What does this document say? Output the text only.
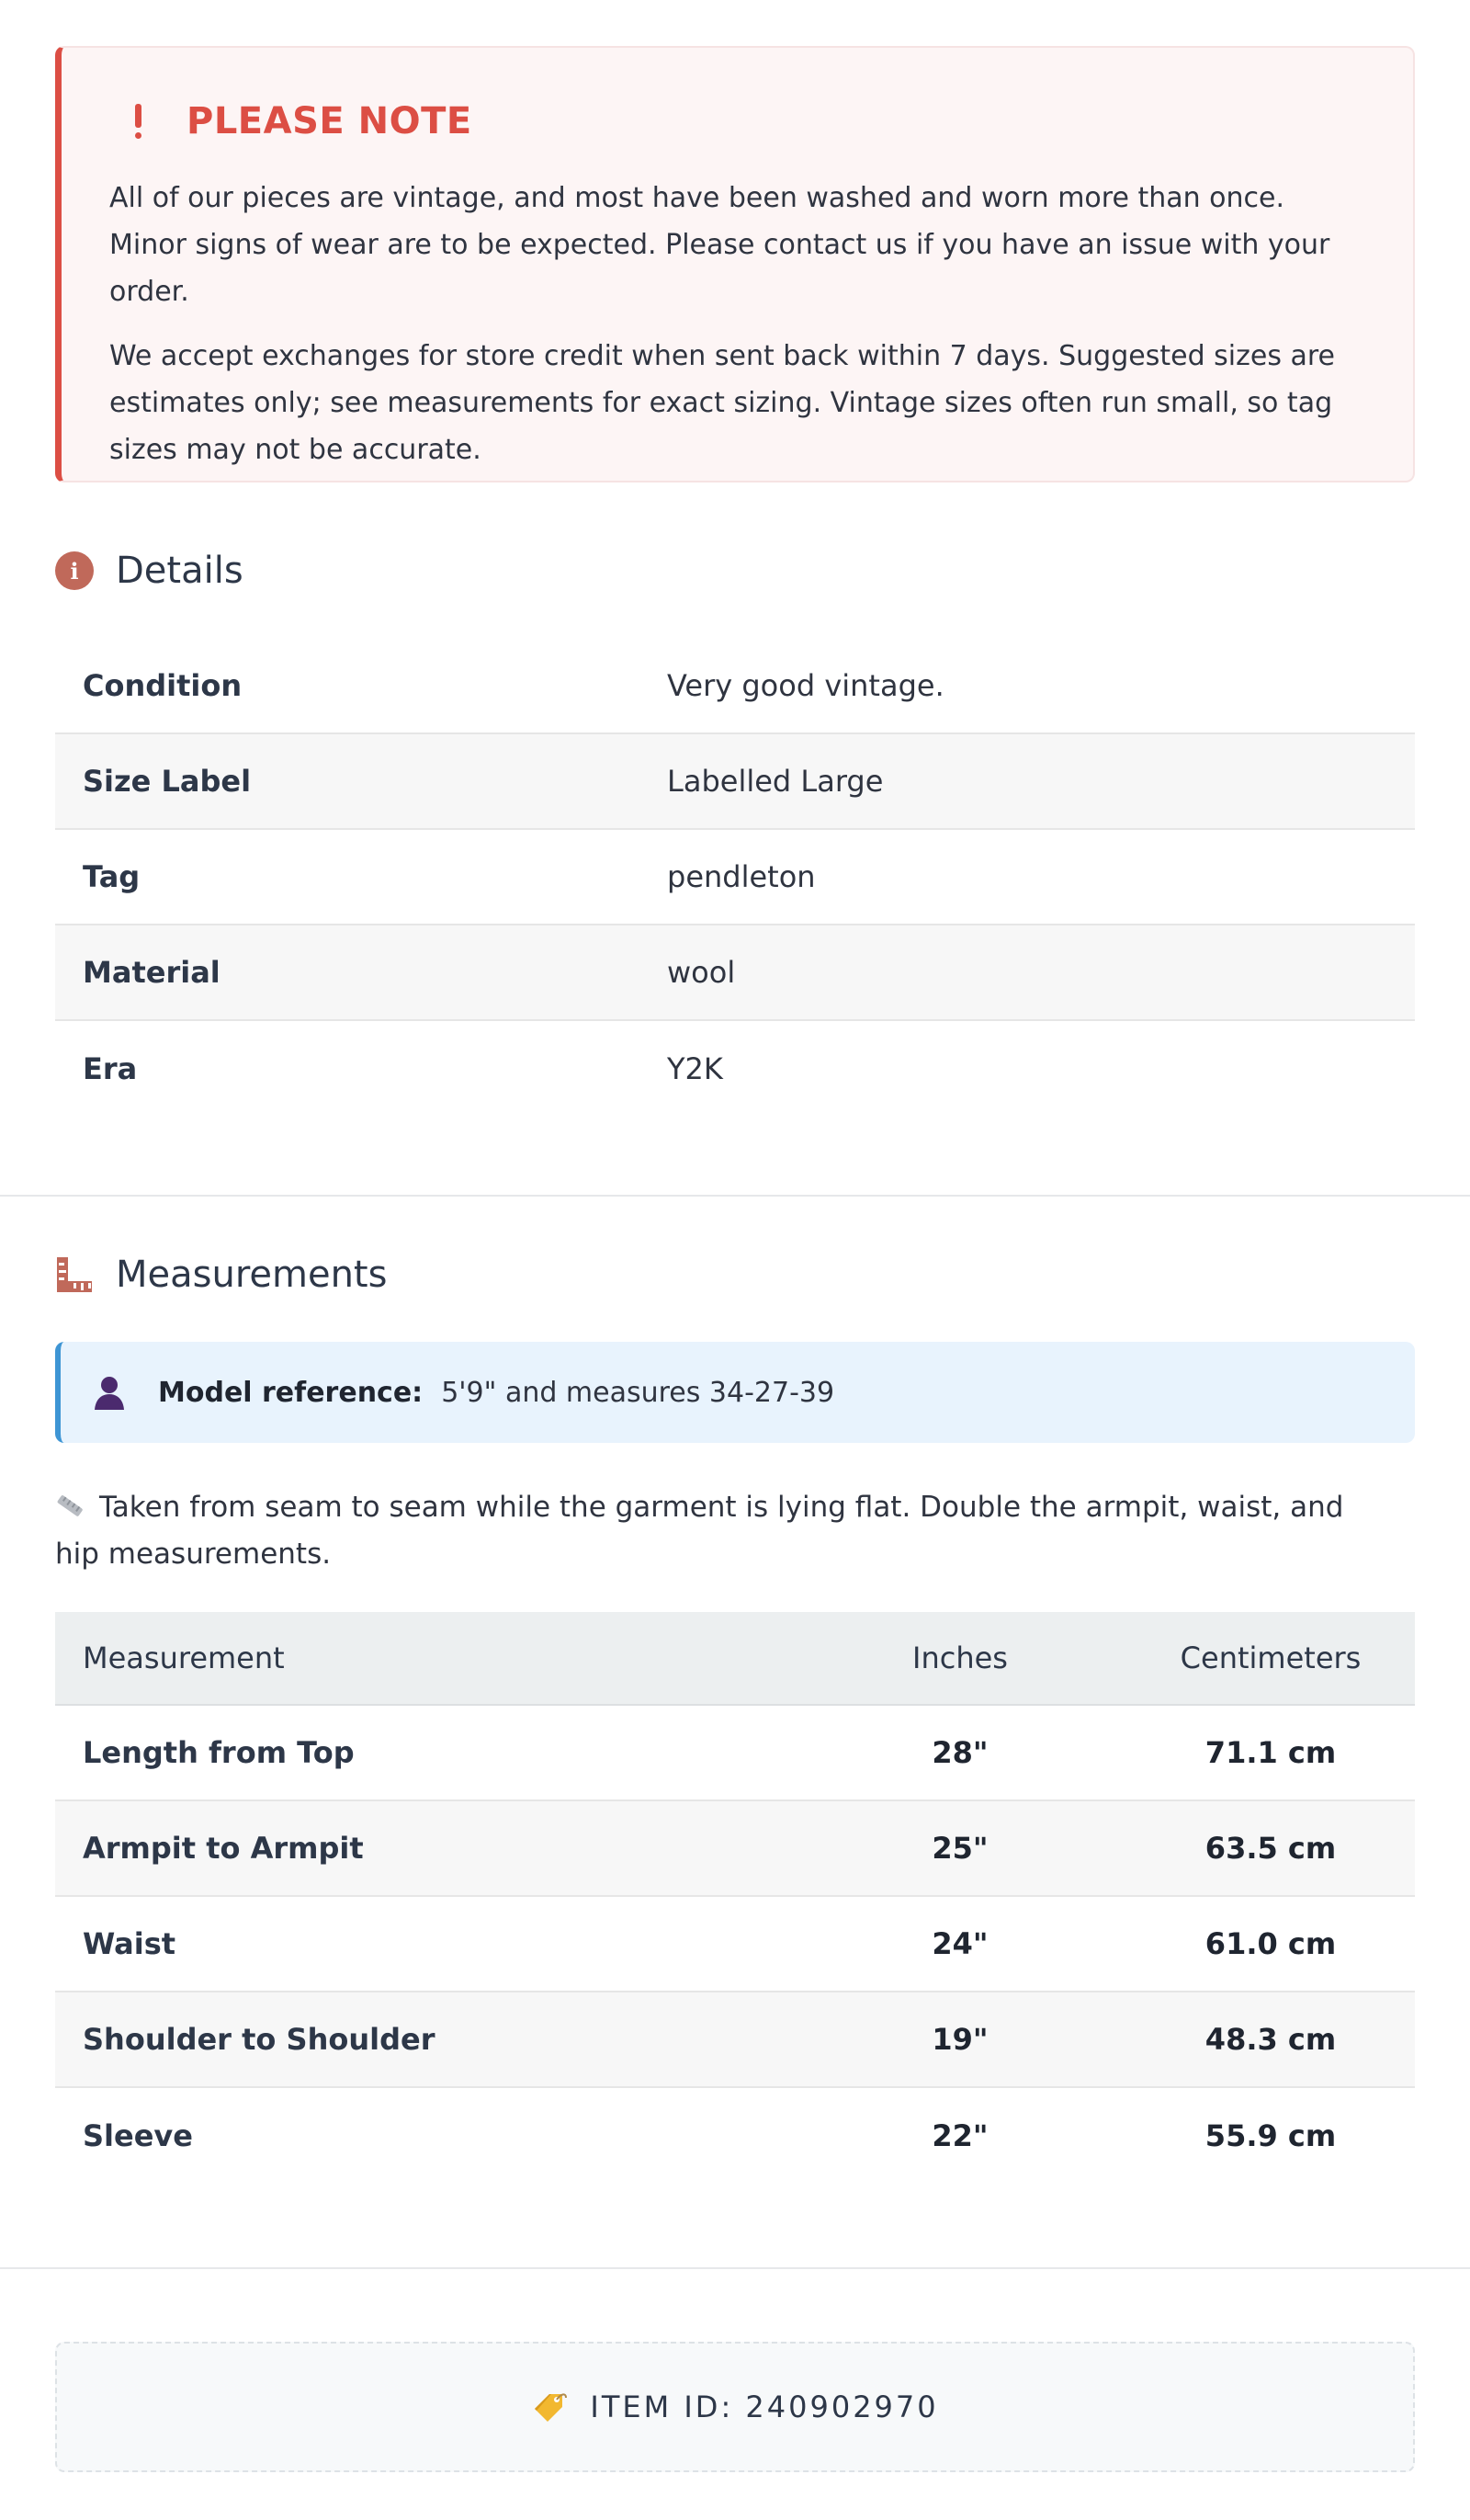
PLEASE NOTE

All of our pieces are vintage, and most have been washed and worn more than once. Minor signs of wear are to be expected. Please contact us if you have an issue with your order.

We accept exchanges for store credit when sent back within 7 days. Suggested sizes are estimates only; see measurements for exact sizing. Vintage sizes often run small, so tag sizes may not be accurate.

i	Details
Condition	Very good vintage.
Size Label	Labelled Large
Tag	pendleton
Material	wool
Era	Y2K
Measurements
Model reference: 5'9" and measures 34-27-39
Taken from seam to seam while the garment is lying flat. Double the armpit, waist, and hip measurements.
Measurement	Inches	Centimeters
Length from Top	28"	71.1 cm
Armpit to Armpit	25"	63.5 cm
Waist	24"	61.0 cm
Shoulder to Shoulder	19"	48.3 cm
Sleeve	22"	55.9 cm
ITEM ID: 240902970
